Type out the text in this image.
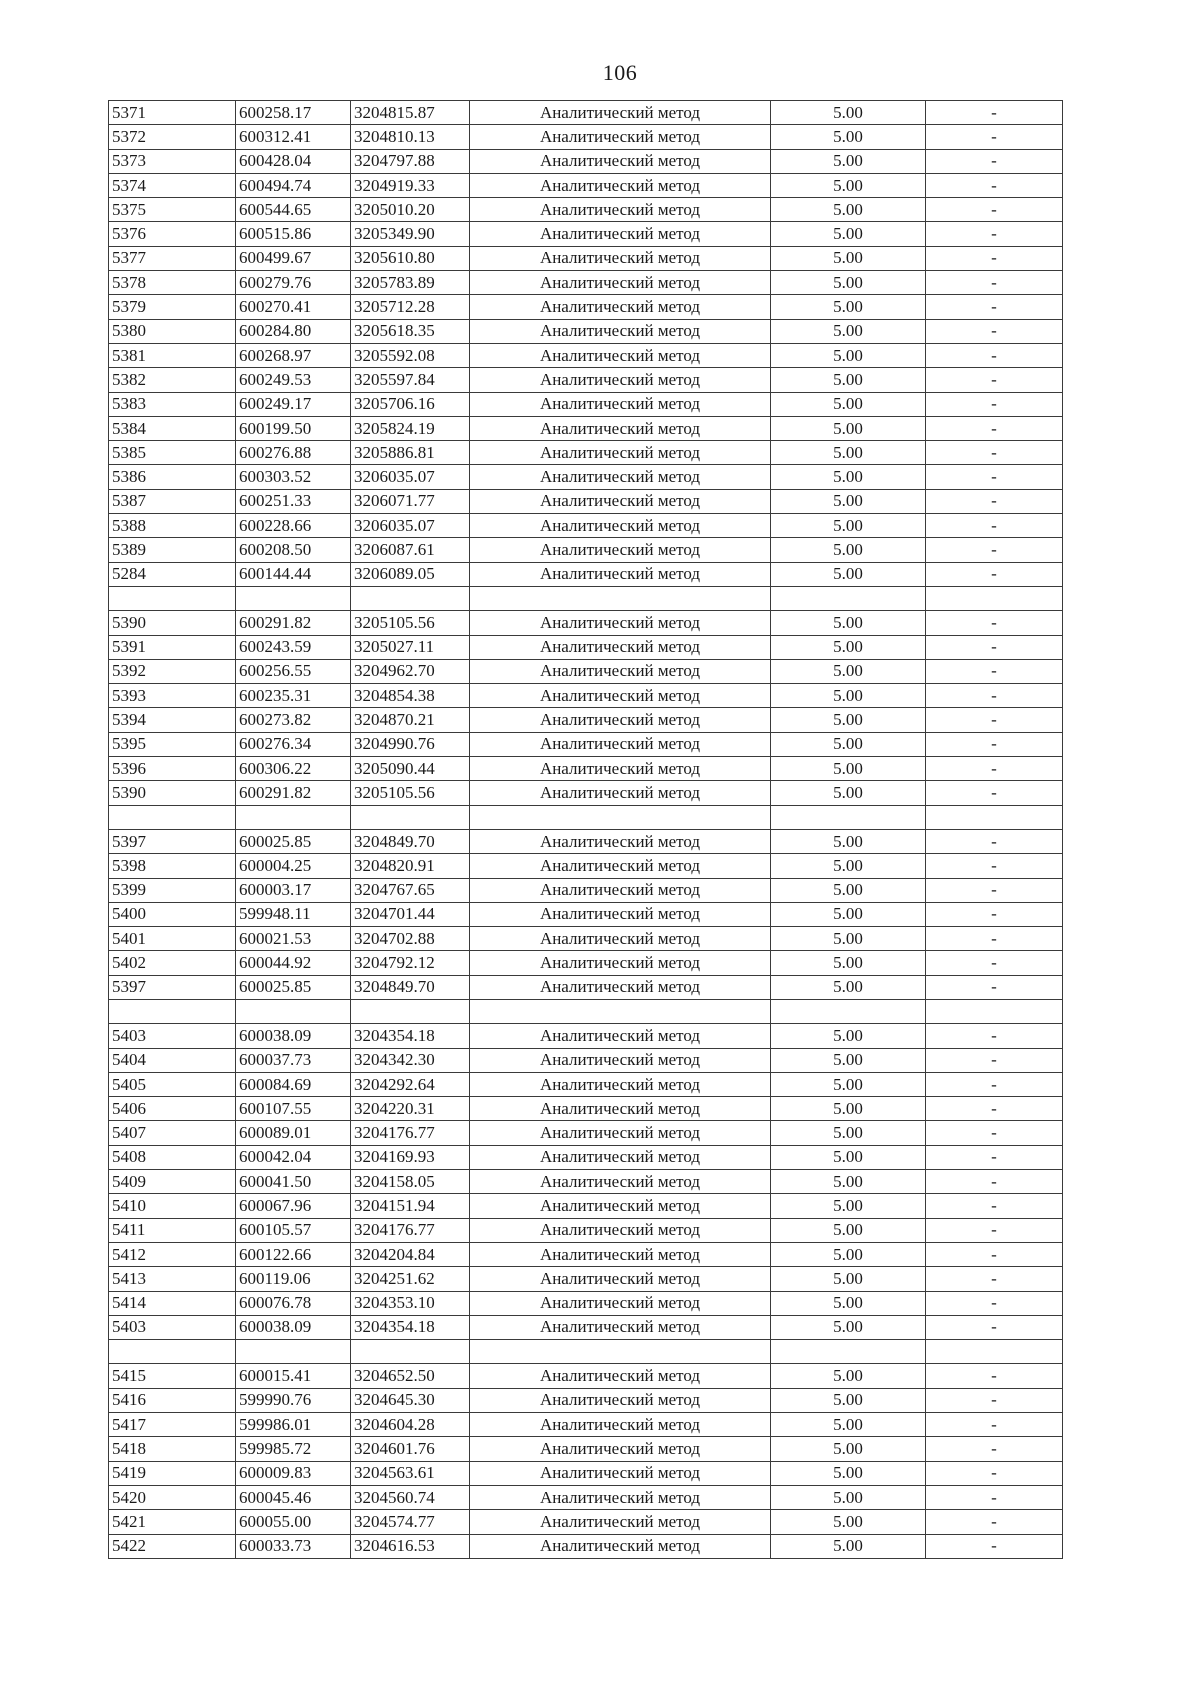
106
5371	600258.17	3204815.87	Аналитический метод	5.00	-
5372	600312.41	3204810.13	Аналитический метод	5.00	-
5373	600428.04	3204797.88	Аналитический метод	5.00	-
5374	600494.74	3204919.33	Аналитический метод	5.00	-
5375	600544.65	3205010.20	Аналитический метод	5.00	-
5376	600515.86	3205349.90	Аналитический метод	5.00	-
5377	600499.67	3205610.80	Аналитический метод	5.00	-
5378	600279.76	3205783.89	Аналитический метод	5.00	-
5379	600270.41	3205712.28	Аналитический метод	5.00	-
5380	600284.80	3205618.35	Аналитический метод	5.00	-
5381	600268.97	3205592.08	Аналитический метод	5.00	-
5382	600249.53	3205597.84	Аналитический метод	5.00	-
5383	600249.17	3205706.16	Аналитический метод	5.00	-
5384	600199.50	3205824.19	Аналитический метод	5.00	-
5385	600276.88	3205886.81	Аналитический метод	5.00	-
5386	600303.52	3206035.07	Аналитический метод	5.00	-
5387	600251.33	3206071.77	Аналитический метод	5.00	-
5388	600228.66	3206035.07	Аналитический метод	5.00	-
5389	600208.50	3206087.61	Аналитический метод	5.00	-
5284	600144.44	3206089.05	Аналитический метод	5.00	-

5390	600291.82	3205105.56	Аналитический метод	5.00	-
5391	600243.59	3205027.11	Аналитический метод	5.00	-
5392	600256.55	3204962.70	Аналитический метод	5.00	-
5393	600235.31	3204854.38	Аналитический метод	5.00	-
5394	600273.82	3204870.21	Аналитический метод	5.00	-
5395	600276.34	3204990.76	Аналитический метод	5.00	-
5396	600306.22	3205090.44	Аналитический метод	5.00	-
5390	600291.82	3205105.56	Аналитический метод	5.00	-

5397	600025.85	3204849.70	Аналитический метод	5.00	-
5398	600004.25	3204820.91	Аналитический метод	5.00	-
5399	600003.17	3204767.65	Аналитический метод	5.00	-
5400	599948.11	3204701.44	Аналитический метод	5.00	-
5401	600021.53	3204702.88	Аналитический метод	5.00	-
5402	600044.92	3204792.12	Аналитический метод	5.00	-
5397	600025.85	3204849.70	Аналитический метод	5.00	-

5403	600038.09	3204354.18	Аналитический метод	5.00	-
5404	600037.73	3204342.30	Аналитический метод	5.00	-
5405	600084.69	3204292.64	Аналитический метод	5.00	-
5406	600107.55	3204220.31	Аналитический метод	5.00	-
5407	600089.01	3204176.77	Аналитический метод	5.00	-
5408	600042.04	3204169.93	Аналитический метод	5.00	-
5409	600041.50	3204158.05	Аналитический метод	5.00	-
5410	600067.96	3204151.94	Аналитический метод	5.00	-
5411	600105.57	3204176.77	Аналитический метод	5.00	-
5412	600122.66	3204204.84	Аналитический метод	5.00	-
5413	600119.06	3204251.62	Аналитический метод	5.00	-
5414	600076.78	3204353.10	Аналитический метод	5.00	-
5403	600038.09	3204354.18	Аналитический метод	5.00	-

5415	600015.41	3204652.50	Аналитический метод	5.00	-
5416	599990.76	3204645.30	Аналитический метод	5.00	-
5417	599986.01	3204604.28	Аналитический метод	5.00	-
5418	599985.72	3204601.76	Аналитический метод	5.00	-
5419	600009.83	3204563.61	Аналитический метод	5.00	-
5420	600045.46	3204560.74	Аналитический метод	5.00	-
5421	600055.00	3204574.77	Аналитический метод	5.00	-
5422	600033.73	3204616.53	Аналитический метод	5.00	-
